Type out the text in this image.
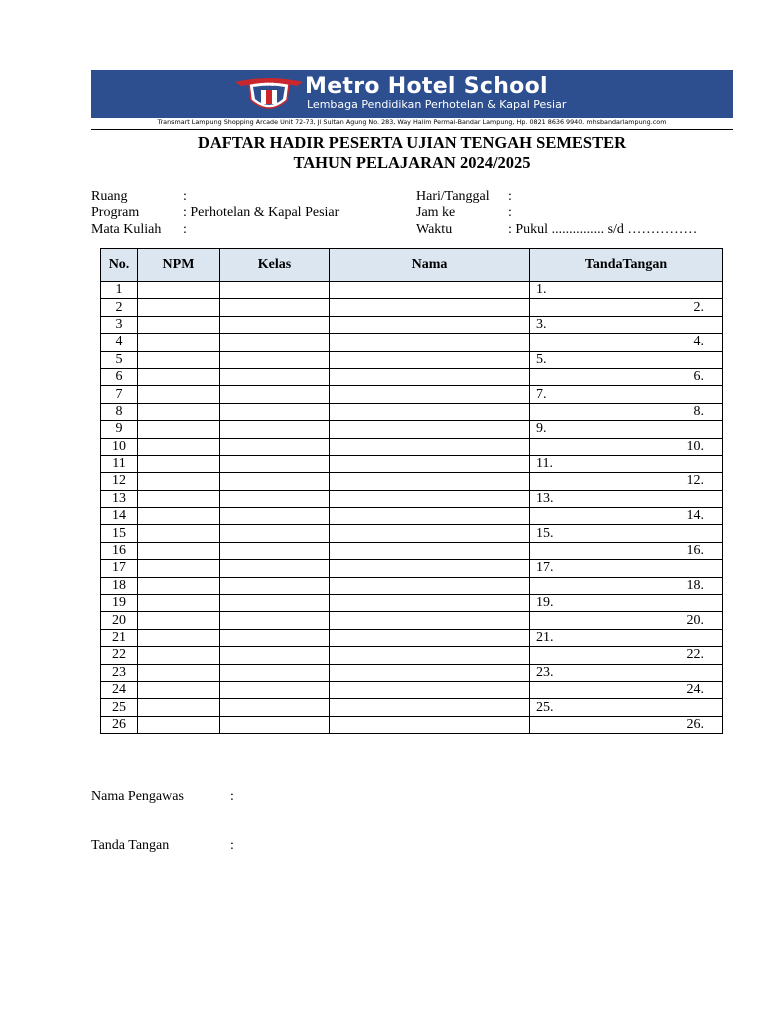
MHS Metro Hotel School
Lembaga Pendidikan Perhotelan & Kapal Pesiar
Transmart Lampung Shopping Arcade Unit 72-73, Jl Sultan Agung No. 283, Way Halim Permai-Bandar Lampung, Hp. 0821 8636 9940. mhsbandarlampung.com
DAFTAR HADIR PESERTA UJIAN TENGAH SEMESTER
TAHUN PELAJARAN 2024/2025
Ruang	:
Program	: Perhotelan & Kapal Pesiar
Mata Kuliah :
Hari/Tanggal :
Jam ke	:
Waktu	: Pukul ............... s/d ……………
No.	NPM	Kelas	Nama	TandaTangan
1				1.
2				2.
3				3.
4				4.
5				5.
6				6.
7				7.
8				8.
9				9.
10				10.
11				11.
12				12.
13				13.
14				14.
15				15.
16				16.
17				17.
18				18.
19				19.
20				20.
21				21.
22				22.
23				23.
24				24.
25				25.
26				26.
Nama Pengawas	:
Tanda Tangan	:
